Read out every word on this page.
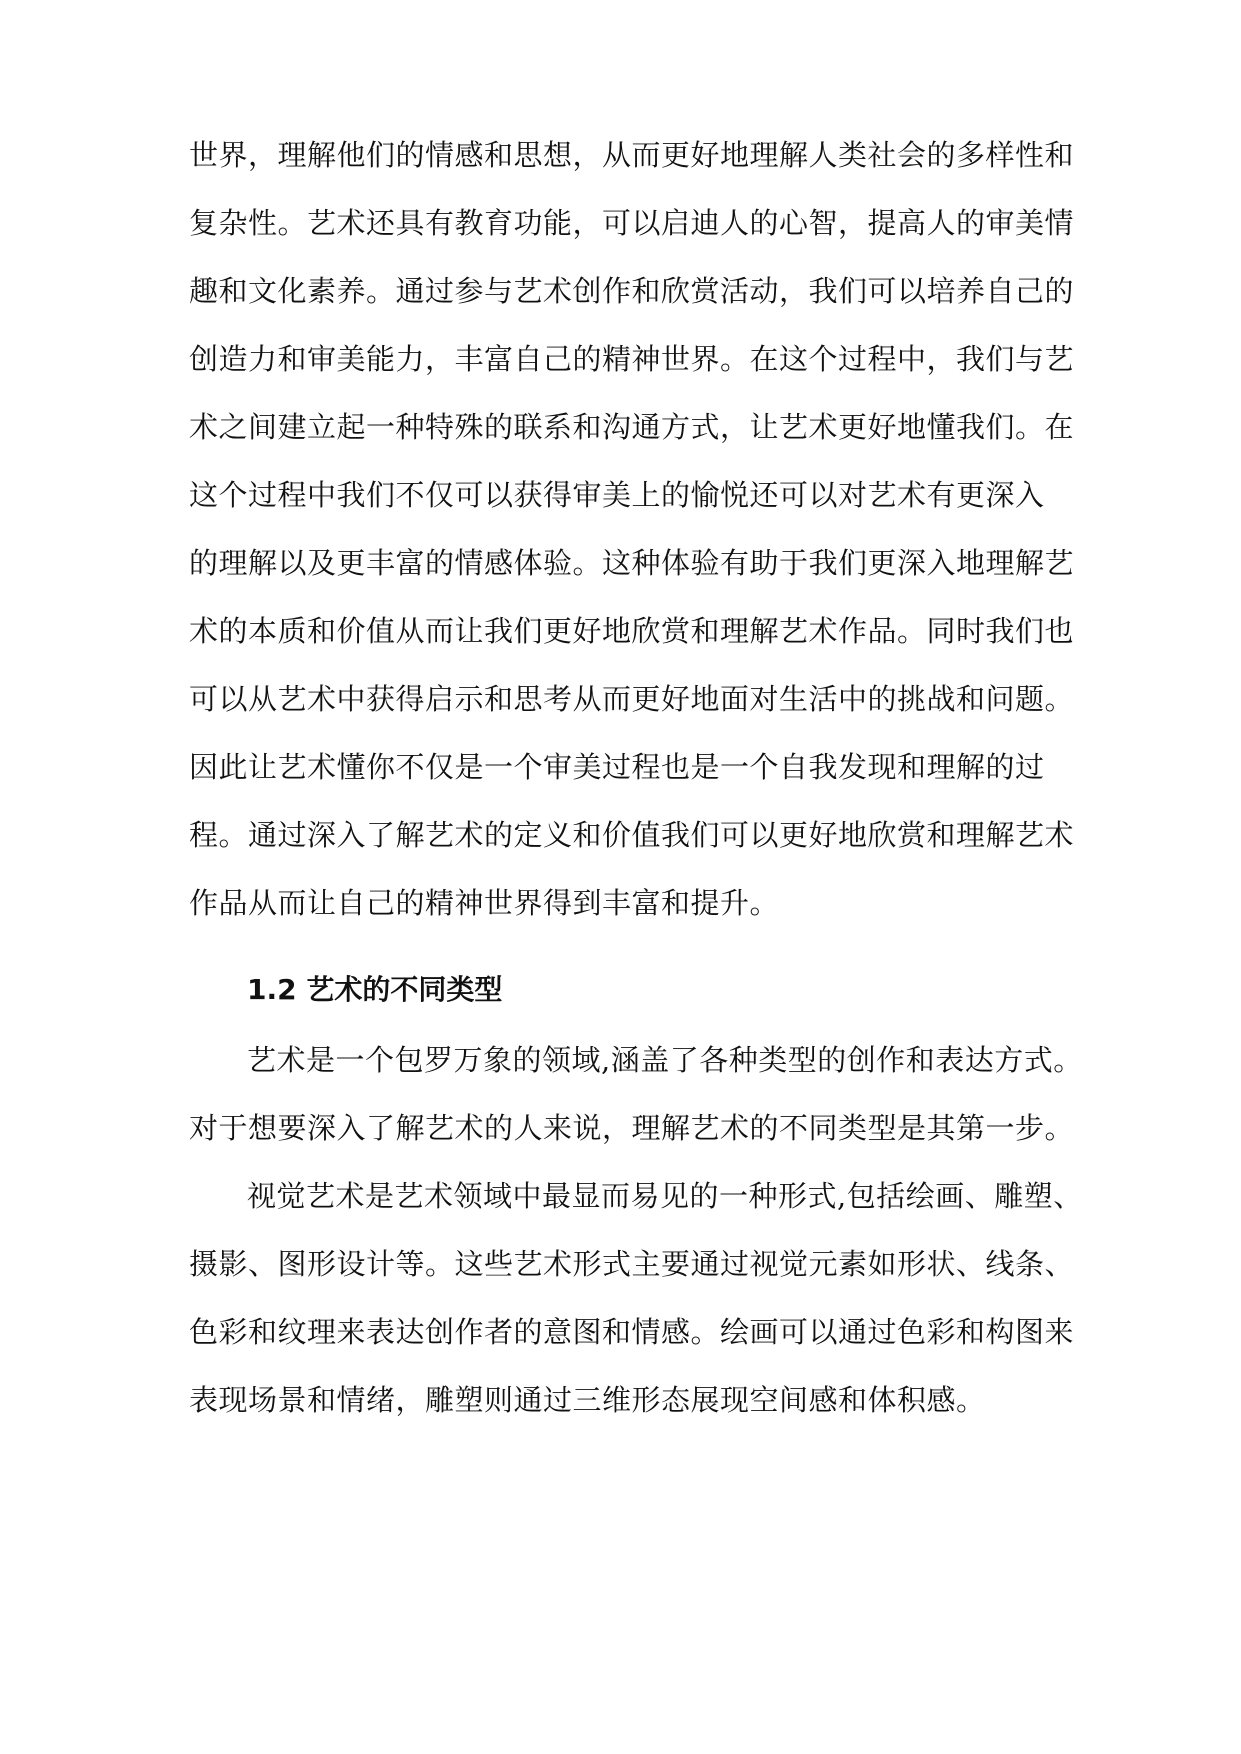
世界，理解他们的情感和思想，从而更好地理解人类社会的多样性和
复杂性。艺术还具有教育功能，可以启迪人的心智，提高人的审美情
趣和文化素养。通过参与艺术创作和欣赏活动，我们可以培养自己的
创造力和审美能力，丰富自己的精神世界。在这个过程中，我们与艺
术之间建立起一种特殊的联系和沟通方式，让艺术更好地懂我们。在
这个过程中我们不仅可以获得审美上的愉悦还可以对艺术有更深入
的理解以及更丰富的情感体验。这种体验有助于我们更深入地理解艺
术的本质和价值从而让我们更好地欣赏和理解艺术作品。同时我们也
可以从艺术中获得启示和思考从而更好地面对生活中的挑战和问题。
因此让艺术懂你不仅是一个审美过程也是一个自我发现和理解的过
程。通过深入了解艺术的定义和价值我们可以更好地欣赏和理解艺术
作品从而让自己的精神世界得到丰富和提升。
1.2 艺术的不同类型
艺术是一个包罗万象的领域,涵盖了各种类型的创作和表达方式。
对于想要深入了解艺术的人来说，理解艺术的不同类型是其第一步。
视觉艺术是艺术领域中最显而易见的一种形式,包括绘画、雕塑、
摄影、图形设计等。这些艺术形式主要通过视觉元素如形状、线条、
色彩和纹理来表达创作者的意图和情感。绘画可以通过色彩和构图来
表现场景和情绪，雕塑则通过三维形态展现空间感和体积感。
